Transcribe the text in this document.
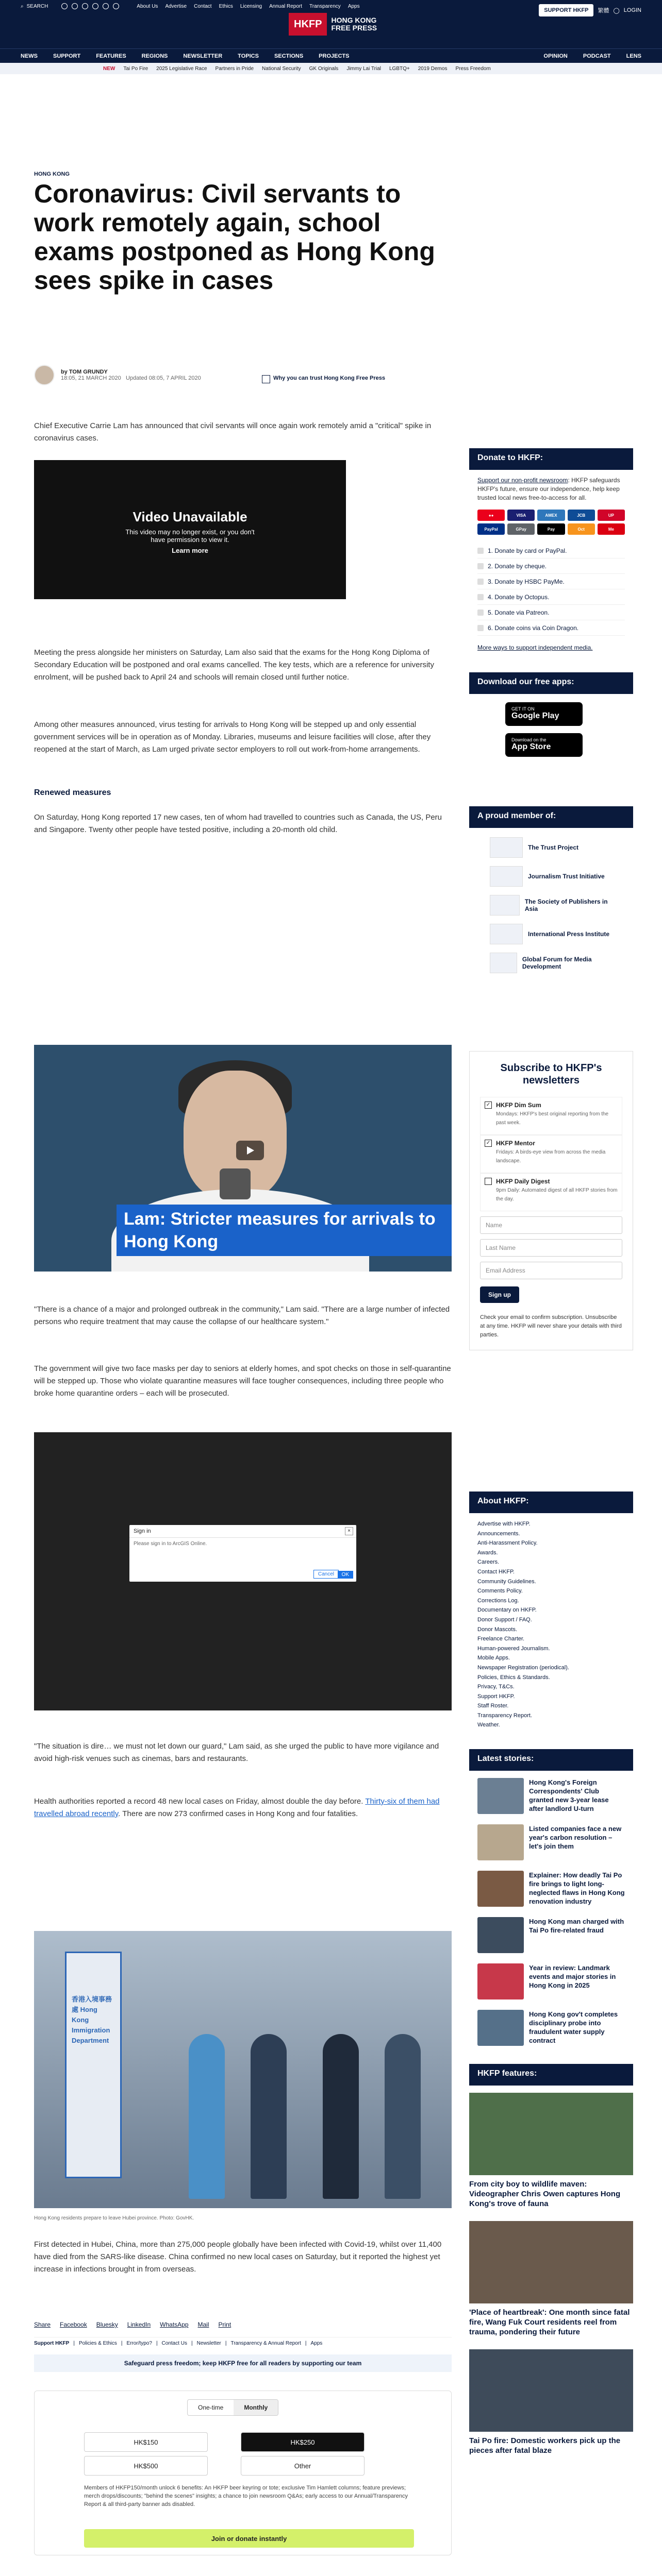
⌕ SEARCH	About Us Advertise Contact Ethics Licensing Annual Report Transparency Apps
HKFP	HONG KONG
FREE PRESS
SUPPORT HKFP	繁體 ◯ LOGIN
NEWS	SUPPORT	FEATURES	REGIONS	NEWSLETTER	TOPICS	SECTIONS	PROJECTS	OPINION	PODCAST	LENS
NEW Tai Po Fire 2025 Legislative Race Partners in Pride National Security GK Originals Jimmy Lai Trial LGBTQ+ 2019 Demos Press Freedom
HONG KONG
Coronavirus: Civil servants to work remotely again, school exams postponed as Hong Kong sees spike in cases
by TOM GRUNDY
18:05, 21 MARCH 2020 Updated 08:05, 7 APRIL 2020	Why you can trust Hong Kong Free Press
Chief Executive Carrie Lam has announced that civil servants will once again work remotely amid a "critical" spike in coronavirus cases.
Video Unavailable
This video may no longer exist, or you don't have permission to view it.
Learn more
Meeting the press alongside her ministers on Saturday, Lam also said that the exams for the Hong Kong Diploma of Secondary Education will be postponed and oral exams cancelled. The key tests, which are a reference for university enrolment, will be pushed back to April 24 and schools will remain closed until further notice.
Among other measures announced, virus testing for arrivals to Hong Kong will be stepped up and only essential government services will be in operation as of Monday. Libraries, museums and leisure facilities will close, after they reopened at the start of March, as Lam urged private sector employers to roll out work-from-home arrangements.
Renewed measures
On Saturday, Hong Kong reported 17 new cases, ten of whom had travelled to countries such as Canada, the US, Peru and Singapore. Twenty other people have tested positive, including a 20-month old child.
Lam: Stricter measures for arrivals to Hong Kong
"There is a chance of a major and prolonged outbreak in the community," Lam said. "There are a large number of infected persons who require treatment that may cause the collapse of our healthcare system."
The government will give two face masks per day to seniors at elderly homes, and spot checks on those in self-quarantine will be stepped up. Those who violate quarantine measures will face tougher consequences, including three people who broke home quarantine orders – each will be prosecuted.
Sign in	×
Please sign in to ArcGIS Online.
Cancel	OK
"The situation is dire… we must not let down our guard," Lam said, as she urged the public to have more vigilance and avoid high-risk venues such as cinemas, bars and restaurants.
Health authorities reported a record 48 new local cases on Friday, almost double the day before. Thirty-six of them had travelled abroad recently. There are now 273 confirmed cases in Hong Kong and four fatalities.
香港入境事務處 Hong Kong Immigration Department
Hong Kong residents prepare to leave Hubei province. Photo: GovHK.
First detected in Hubei, China, more than 275,000 people globally have been infected with Covid-19, whilst over 11,400 have died from the SARS-like disease. China confirmed no new local cases on Saturday, but it reported the highest yet increase in infections brought in from overseas.
Share Facebook Bluesky LinkedIn WhatsApp Mail Print
Support HKFP | Policies & Ethics | Error/typo? | Contact Us | Newsletter | Transparency & Annual Report | Apps
Safeguard press freedom; keep HKFP free for all readers by supporting our team
One-time	Monthly
HK$150	HK$250
HK$500	Other
Members of HKFP150/month unlock 6 benefits: An HKFP beer keyring or tote; exclusive Tim Hamlett columns; feature previews; merch drops/discounts; "behind the scenes" insights; a chance to join newsroom Q&As; early access to our Annual/Transparency Report & all third-party banner ads disabled.
Join or donate instantly

Donate to HKFP:
Support our non-profit newsroom: HKFP safeguards HKFP's future, ensure our independence, help keep trusted local news free-to-access for all.
●●	VISA	AMEX	JCB	UP
PayPal	GPay	Pay	Oct	Me
1. Donate by card or PayPal.
2. Donate by cheque.
3. Donate by HSBC PayMe.
4. Donate by Octopus.
5. Donate via Patreon.
6. Donate coins via Coin Dragon.
More ways to support independent media.
Download our free apps:
GET IT ON
Google Play
Download on the
App Store
A proud member of:
The Trust Project
Journalism Trust Initiative
The Society of Publishers in Asia
International Press Institute
Global Forum for Media Development
Subscribe to HKFP's newsletters
✓ HKFP Dim Sum
Mondays: HKFP's best original reporting from the past week.
✓ HKFP Mentor
Fridays: A birds-eye view from across the media landscape.
HKFP Daily Digest
9pm Daily: Automated digest of all HKFP stories from the day.
Name
Last Name
Email Address
Sign up
Check your email to confirm subscription. Unsubscribe at any time. HKFP will never share your details with third parties.
About HKFP:
Advertise with HKFP.
Announcements.
Anti-Harassment Policy.
Awards.
Careers.
Contact HKFP.
Community Guidelines.
Comments Policy.
Corrections Log.
Documentary on HKFP.
Donor Support / FAQ.
Donor Mascots.
Freelance Charter.
Human-powered Journalism.
Mobile Apps.
Newspaper Registration (periodical).
Policies, Ethics & Standards.
Privacy, T&Cs.
Support HKFP.
Staff Roster.
Transparency Report.
Weather.
Latest stories:
Hong Kong's Foreign Correspondents' Club granted new 3-year lease after landlord U-turn
Listed companies face a new year's carbon resolution – let's join them
Explainer: How deadly Tai Po fire brings to light long-neglected flaws in Hong Kong renovation industry
Hong Kong man charged with Tai Po fire-related fraud
Year in review: Landmark events and major stories in Hong Kong in 2025
Hong Kong gov't completes disciplinary probe into fraudulent water supply contract
HKFP features:
From city boy to wildlife maven: Videographer Chris Owen captures Hong Kong's trove of fauna
'Place of heartbreak': One month since fatal fire, Wang Fuk Court residents reel from trauma, pondering their future
Tai Po fire: Domestic workers pick up the pieces after fatal blaze
